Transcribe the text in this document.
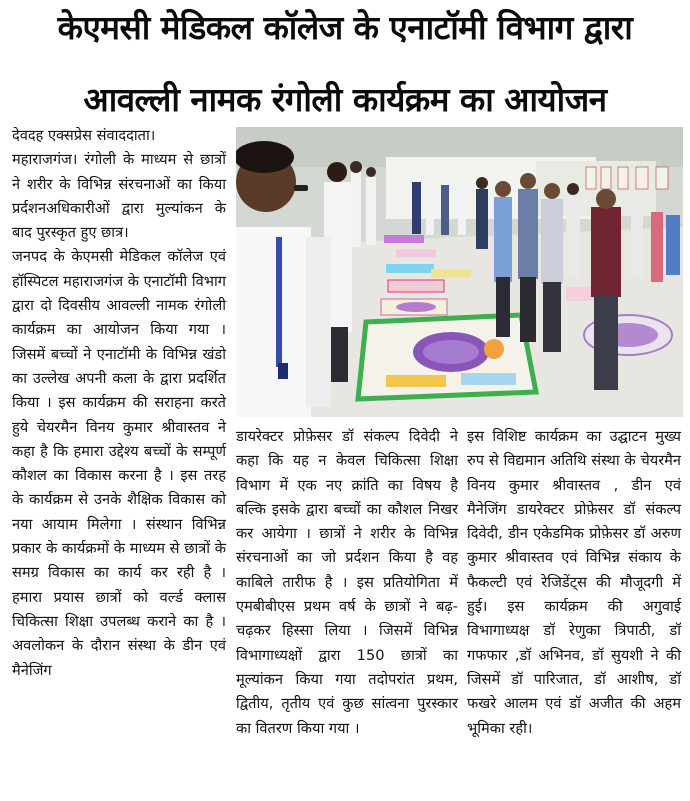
केएमसी मेडिकल कॉलेज के एनाटॉमी विभाग द्वारा
आवल्ली नामक रंगोली कार्यक्रम का आयोजन

देवदह एक्सप्रेस संवाददाता।

महाराजगंज। रंगोली के माध्यम से छात्रों ने शरीर के विभिन्न संरचनाओं का किया प्रर्दशनअधिकारीओं द्वारा मुल्यांकन के बाद पुरस्कृत हुए छात्र।

जनपद के केएमसी मेडिकल कॉलेज एवं हॉस्पिटल महाराजगंज के एनाटॉमी विभाग द्वारा दो दिवसीय आवल्ली नामक रंगोली कार्यक्रम का आयोजन किया गया । जिसमें बच्चों ने एनाटॉमी के विभिन्न खंडो का उल्लेख अपनी कला के द्वारा प्रदर्शित किया । इस कार्यक्रम की सराहना करते हुये चेयरमैन विनय कुमार श्रीवास्तव ने कहा है कि हमारा उद्देश्य बच्चों के सम्पूर्ण कौशल का विकास करना है । इस तरह के कार्यक्रम से उनके शैक्षिक विकास को नया आयाम मिलेगा । संस्थान विभिन्न प्रकार के कार्यक्रमों के माध्यम से छात्रों के समग्र विकास का कार्य कर रही है । हमारा प्रयास छात्रों को वर्ल्ड क्लास चिकित्सा शिक्षा उपलब्ध कराने का है । अवलोकन के दौरान संस्था के डीन एवं मैनेजिंग

डायरेक्टर प्रोफ़ेसर डॉ संकल्प दिवेदी ने कहा कि यह न केवल चिकित्सा शिक्षा विभाग में एक नए क्रांति का विषय है बल्कि इसके द्वारा बच्चों का कौशल निखर कर आयेगा । छात्रों ने शरीर के विभिन्न संरचनाओं का जो प्रर्दशन किया है वह काबिले तारीफ है । इस प्रतियोगिता में एमबीबीएस प्रथम वर्ष के छात्रों ने बढ़-चढ़कर हिस्सा लिया । जिसमें विभिन्न विभागाध्यक्षों द्वारा 150 छात्रों का मूल्यांकन किया गया तदोपरांत प्रथम, द्वितीय, तृतीय एवं कुछ सांत्वना पुरस्कार का वितरण किया गया ।

इस विशिष्ट कार्यक्रम का उद्घाटन मुख्य रुप से विद्यमान अतिथि संस्था के चेयरमैन विनय कुमार श्रीवास्तव , डीन एवं मैनेजिंग डायरेक्टर प्रोफ़ेसर डॉ संकल्प दिवेदी, डीन एकेडमिक प्रोफ़ेसर डॉ अरुण कुमार श्रीवास्तव एवं विभिन्न संकाय के फैकल्टी एवं रेजिडेंट्स की मौजूदगी में हुई। इस कार्यक्रम की अगुवाई विभागाध्यक्ष डॉ रेणुका त्रिपाठी, डॉ गफफार ,डॉ अभिनव, डॉ सुयशी ने की जिसमें डॉ पारिजात, डॉ आशीष, डॉ फखरे आलम एवं डॉ अजीत की अहम भूमिका रही।
